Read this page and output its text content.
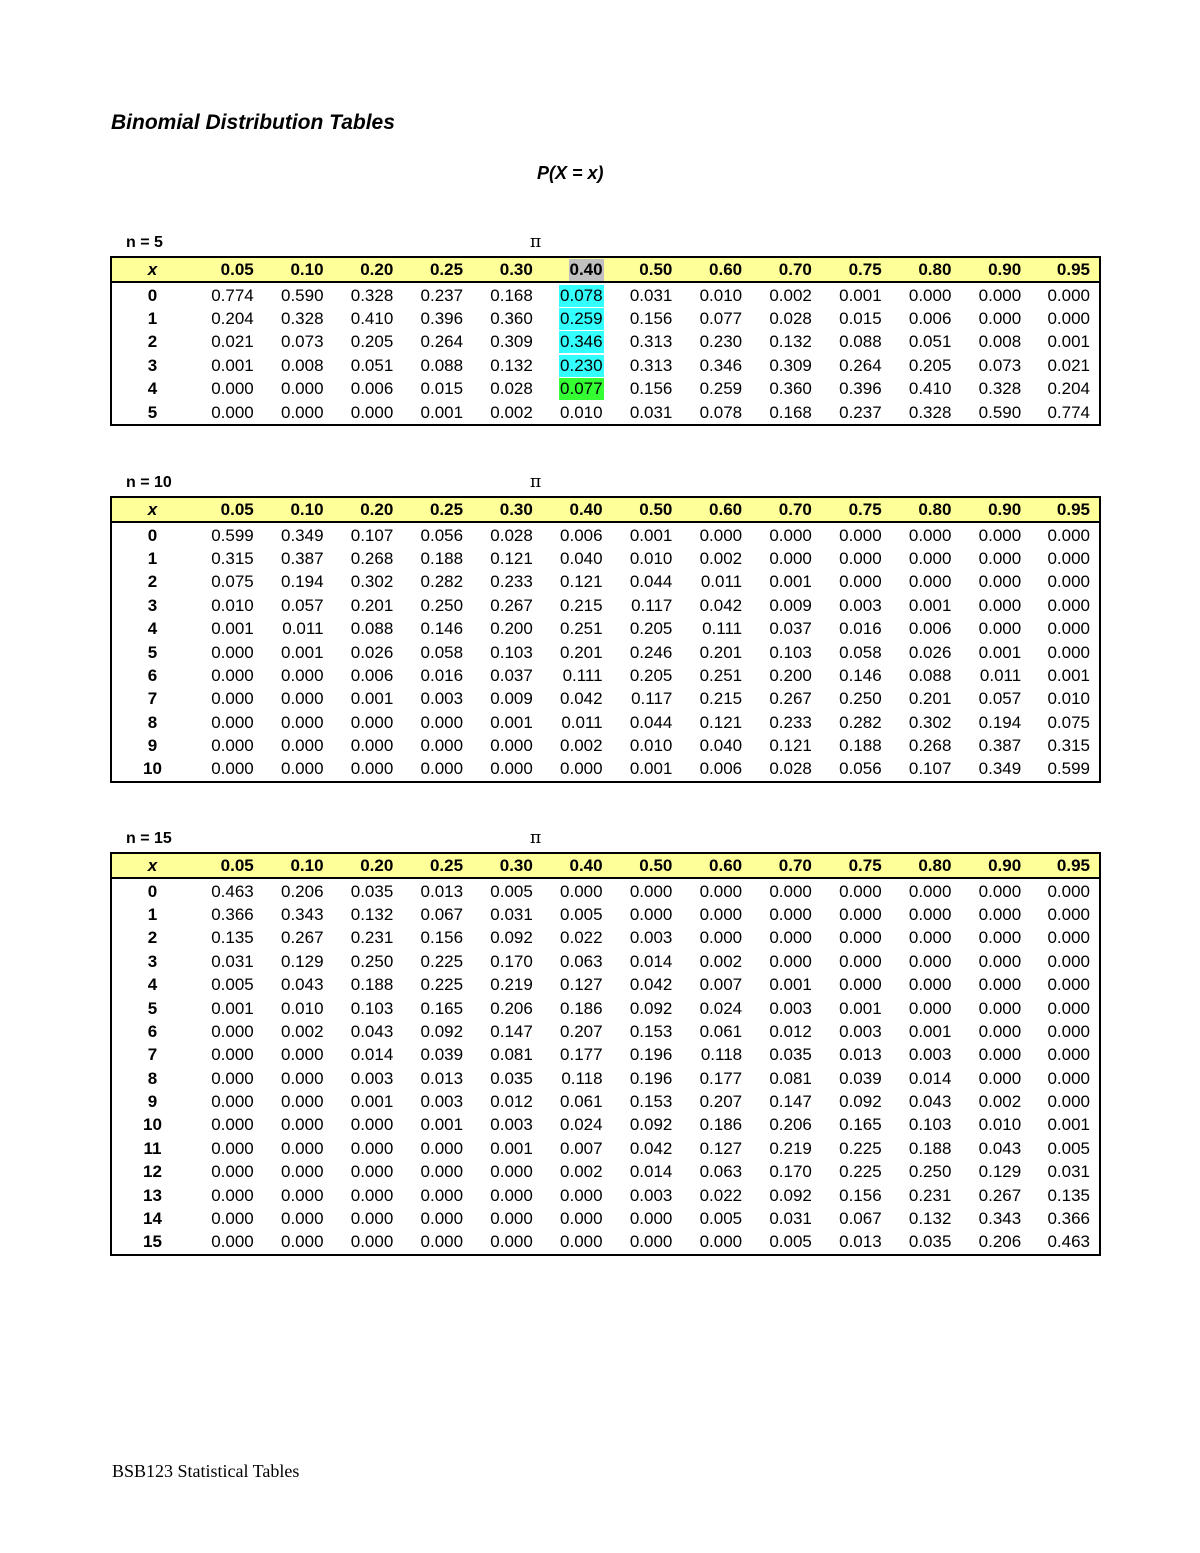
Binomial Distribution Tables
P(X = x)
n = 5	π
x	0.05	0.10	0.20	0.25	0.30	0.40	0.50	0.60	0.70	0.75	0.80	0.90	0.95
0	0.774	0.590	0.328	0.237	0.168	0.078	0.031	0.010	0.002	0.001	0.000	0.000	0.000
1	0.204	0.328	0.410	0.396	0.360	0.259	0.156	0.077	0.028	0.015	0.006	0.000	0.000
2	0.021	0.073	0.205	0.264	0.309	0.346	0.313	0.230	0.132	0.088	0.051	0.008	0.001
3	0.001	0.008	0.051	0.088	0.132	0.230	0.313	0.346	0.309	0.264	0.205	0.073	0.021
4	0.000	0.000	0.006	0.015	0.028	0.077	0.156	0.259	0.360	0.396	0.410	0.328	0.204
5	0.000	0.000	0.000	0.001	0.002	0.010	0.031	0.078	0.168	0.237	0.328	0.590	0.774
n = 10	π
x	0.05	0.10	0.20	0.25	0.30	0.40	0.50	0.60	0.70	0.75	0.80	0.90	0.95
0	0.599	0.349	0.107	0.056	0.028	0.006	0.001	0.000	0.000	0.000	0.000	0.000	0.000
1	0.315	0.387	0.268	0.188	0.121	0.040	0.010	0.002	0.000	0.000	0.000	0.000	0.000
2	0.075	0.194	0.302	0.282	0.233	0.121	0.044	0.011	0.001	0.000	0.000	0.000	0.000
3	0.010	0.057	0.201	0.250	0.267	0.215	0.117	0.042	0.009	0.003	0.001	0.000	0.000
4	0.001	0.011	0.088	0.146	0.200	0.251	0.205	0.111	0.037	0.016	0.006	0.000	0.000
5	0.000	0.001	0.026	0.058	0.103	0.201	0.246	0.201	0.103	0.058	0.026	0.001	0.000
6	0.000	0.000	0.006	0.016	0.037	0.111	0.205	0.251	0.200	0.146	0.088	0.011	0.001
7	0.000	0.000	0.001	0.003	0.009	0.042	0.117	0.215	0.267	0.250	0.201	0.057	0.010
8	0.000	0.000	0.000	0.000	0.001	0.011	0.044	0.121	0.233	0.282	0.302	0.194	0.075
9	0.000	0.000	0.000	0.000	0.000	0.002	0.010	0.040	0.121	0.188	0.268	0.387	0.315
10	0.000	0.000	0.000	0.000	0.000	0.000	0.001	0.006	0.028	0.056	0.107	0.349	0.599
n = 15	π
x	0.05	0.10	0.20	0.25	0.30	0.40	0.50	0.60	0.70	0.75	0.80	0.90	0.95
0	0.463	0.206	0.035	0.013	0.005	0.000	0.000	0.000	0.000	0.000	0.000	0.000	0.000
1	0.366	0.343	0.132	0.067	0.031	0.005	0.000	0.000	0.000	0.000	0.000	0.000	0.000
2	0.135	0.267	0.231	0.156	0.092	0.022	0.003	0.000	0.000	0.000	0.000	0.000	0.000
3	0.031	0.129	0.250	0.225	0.170	0.063	0.014	0.002	0.000	0.000	0.000	0.000	0.000
4	0.005	0.043	0.188	0.225	0.219	0.127	0.042	0.007	0.001	0.000	0.000	0.000	0.000
5	0.001	0.010	0.103	0.165	0.206	0.186	0.092	0.024	0.003	0.001	0.000	0.000	0.000
6	0.000	0.002	0.043	0.092	0.147	0.207	0.153	0.061	0.012	0.003	0.001	0.000	0.000
7	0.000	0.000	0.014	0.039	0.081	0.177	0.196	0.118	0.035	0.013	0.003	0.000	0.000
8	0.000	0.000	0.003	0.013	0.035	0.118	0.196	0.177	0.081	0.039	0.014	0.000	0.000
9	0.000	0.000	0.001	0.003	0.012	0.061	0.153	0.207	0.147	0.092	0.043	0.002	0.000
10	0.000	0.000	0.000	0.001	0.003	0.024	0.092	0.186	0.206	0.165	0.103	0.010	0.001
11	0.000	0.000	0.000	0.000	0.001	0.007	0.042	0.127	0.219	0.225	0.188	0.043	0.005
12	0.000	0.000	0.000	0.000	0.000	0.002	0.014	0.063	0.170	0.225	0.250	0.129	0.031
13	0.000	0.000	0.000	0.000	0.000	0.000	0.003	0.022	0.092	0.156	0.231	0.267	0.135
14	0.000	0.000	0.000	0.000	0.000	0.000	0.000	0.005	0.031	0.067	0.132	0.343	0.366
15	0.000	0.000	0.000	0.000	0.000	0.000	0.000	0.000	0.005	0.013	0.035	0.206	0.463
BSB123 Statistical Tables
